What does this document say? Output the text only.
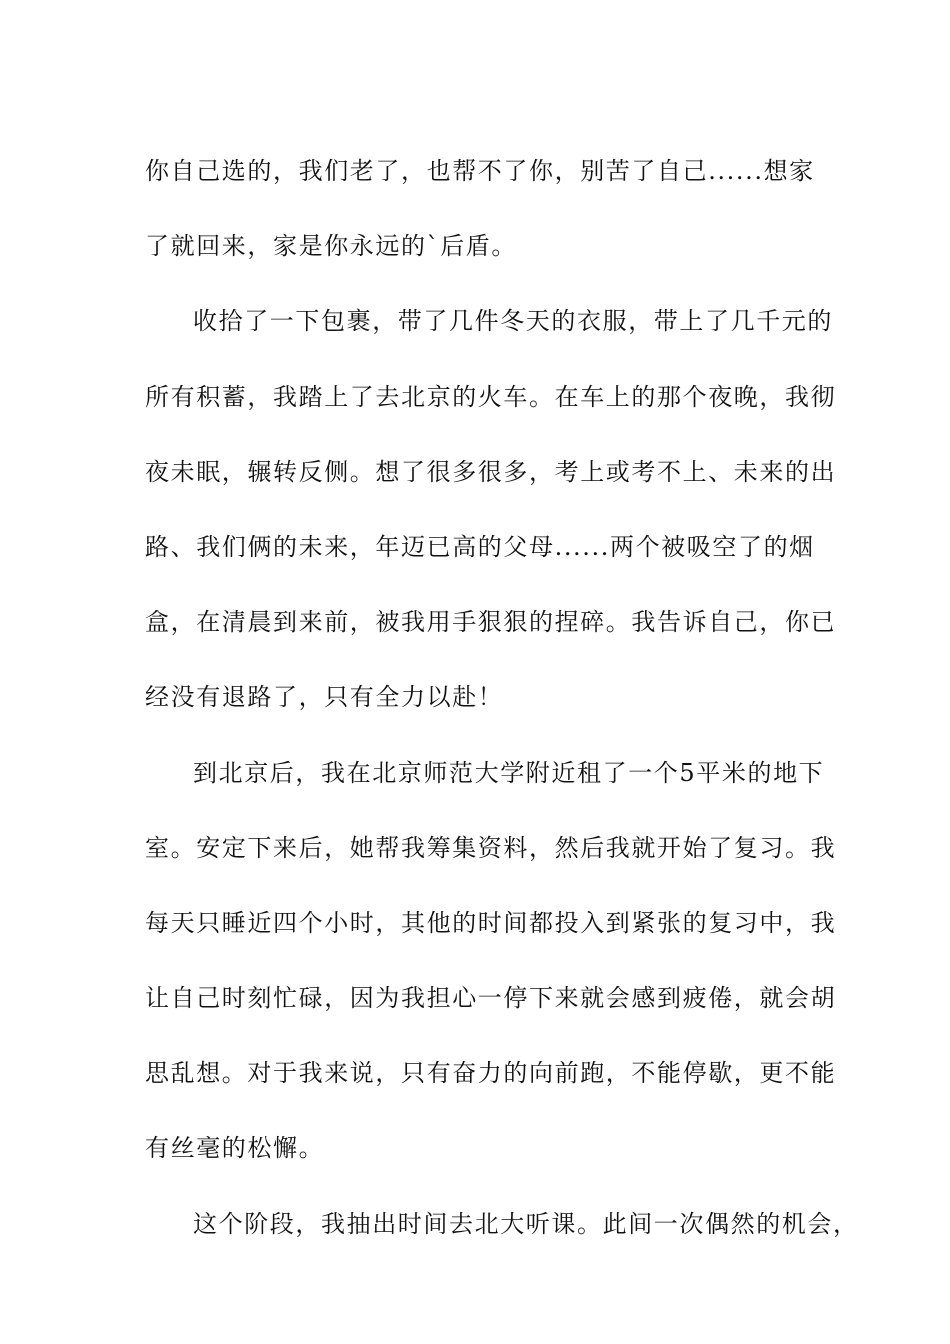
你自己选的，我们老了，也帮不了你，别苦了自己......想家
了就回来，家是你永远的`后盾。
收拾了一下包裹，带了几件冬天的衣服，带上了几千元的
所有积蓄，我踏上了去北京的火车。在车上的那个夜晚，我彻
夜未眠，辗转反侧。想了很多很多，考上或考不上、未来的出
路、我们俩的未来，年迈已高的父母......两个被吸空了的烟
盒，在清晨到来前，被我用手狠狠的捏碎。我告诉自己，你已
经没有退路了，只有全力以赴！
到北京后，我在北京师范大学附近租了一个5平米的地下
室。安定下来后，她帮我筹集资料，然后我就开始了复习。我
每天只睡近四个小时，其他的时间都投入到紧张的复习中，我
让自己时刻忙碌，因为我担心一停下来就会感到疲倦，就会胡
思乱想。对于我来说，只有奋力的向前跑，不能停歇，更不能
有丝毫的松懈。
这个阶段，我抽出时间去北大听课。此间一次偶然的机会，
